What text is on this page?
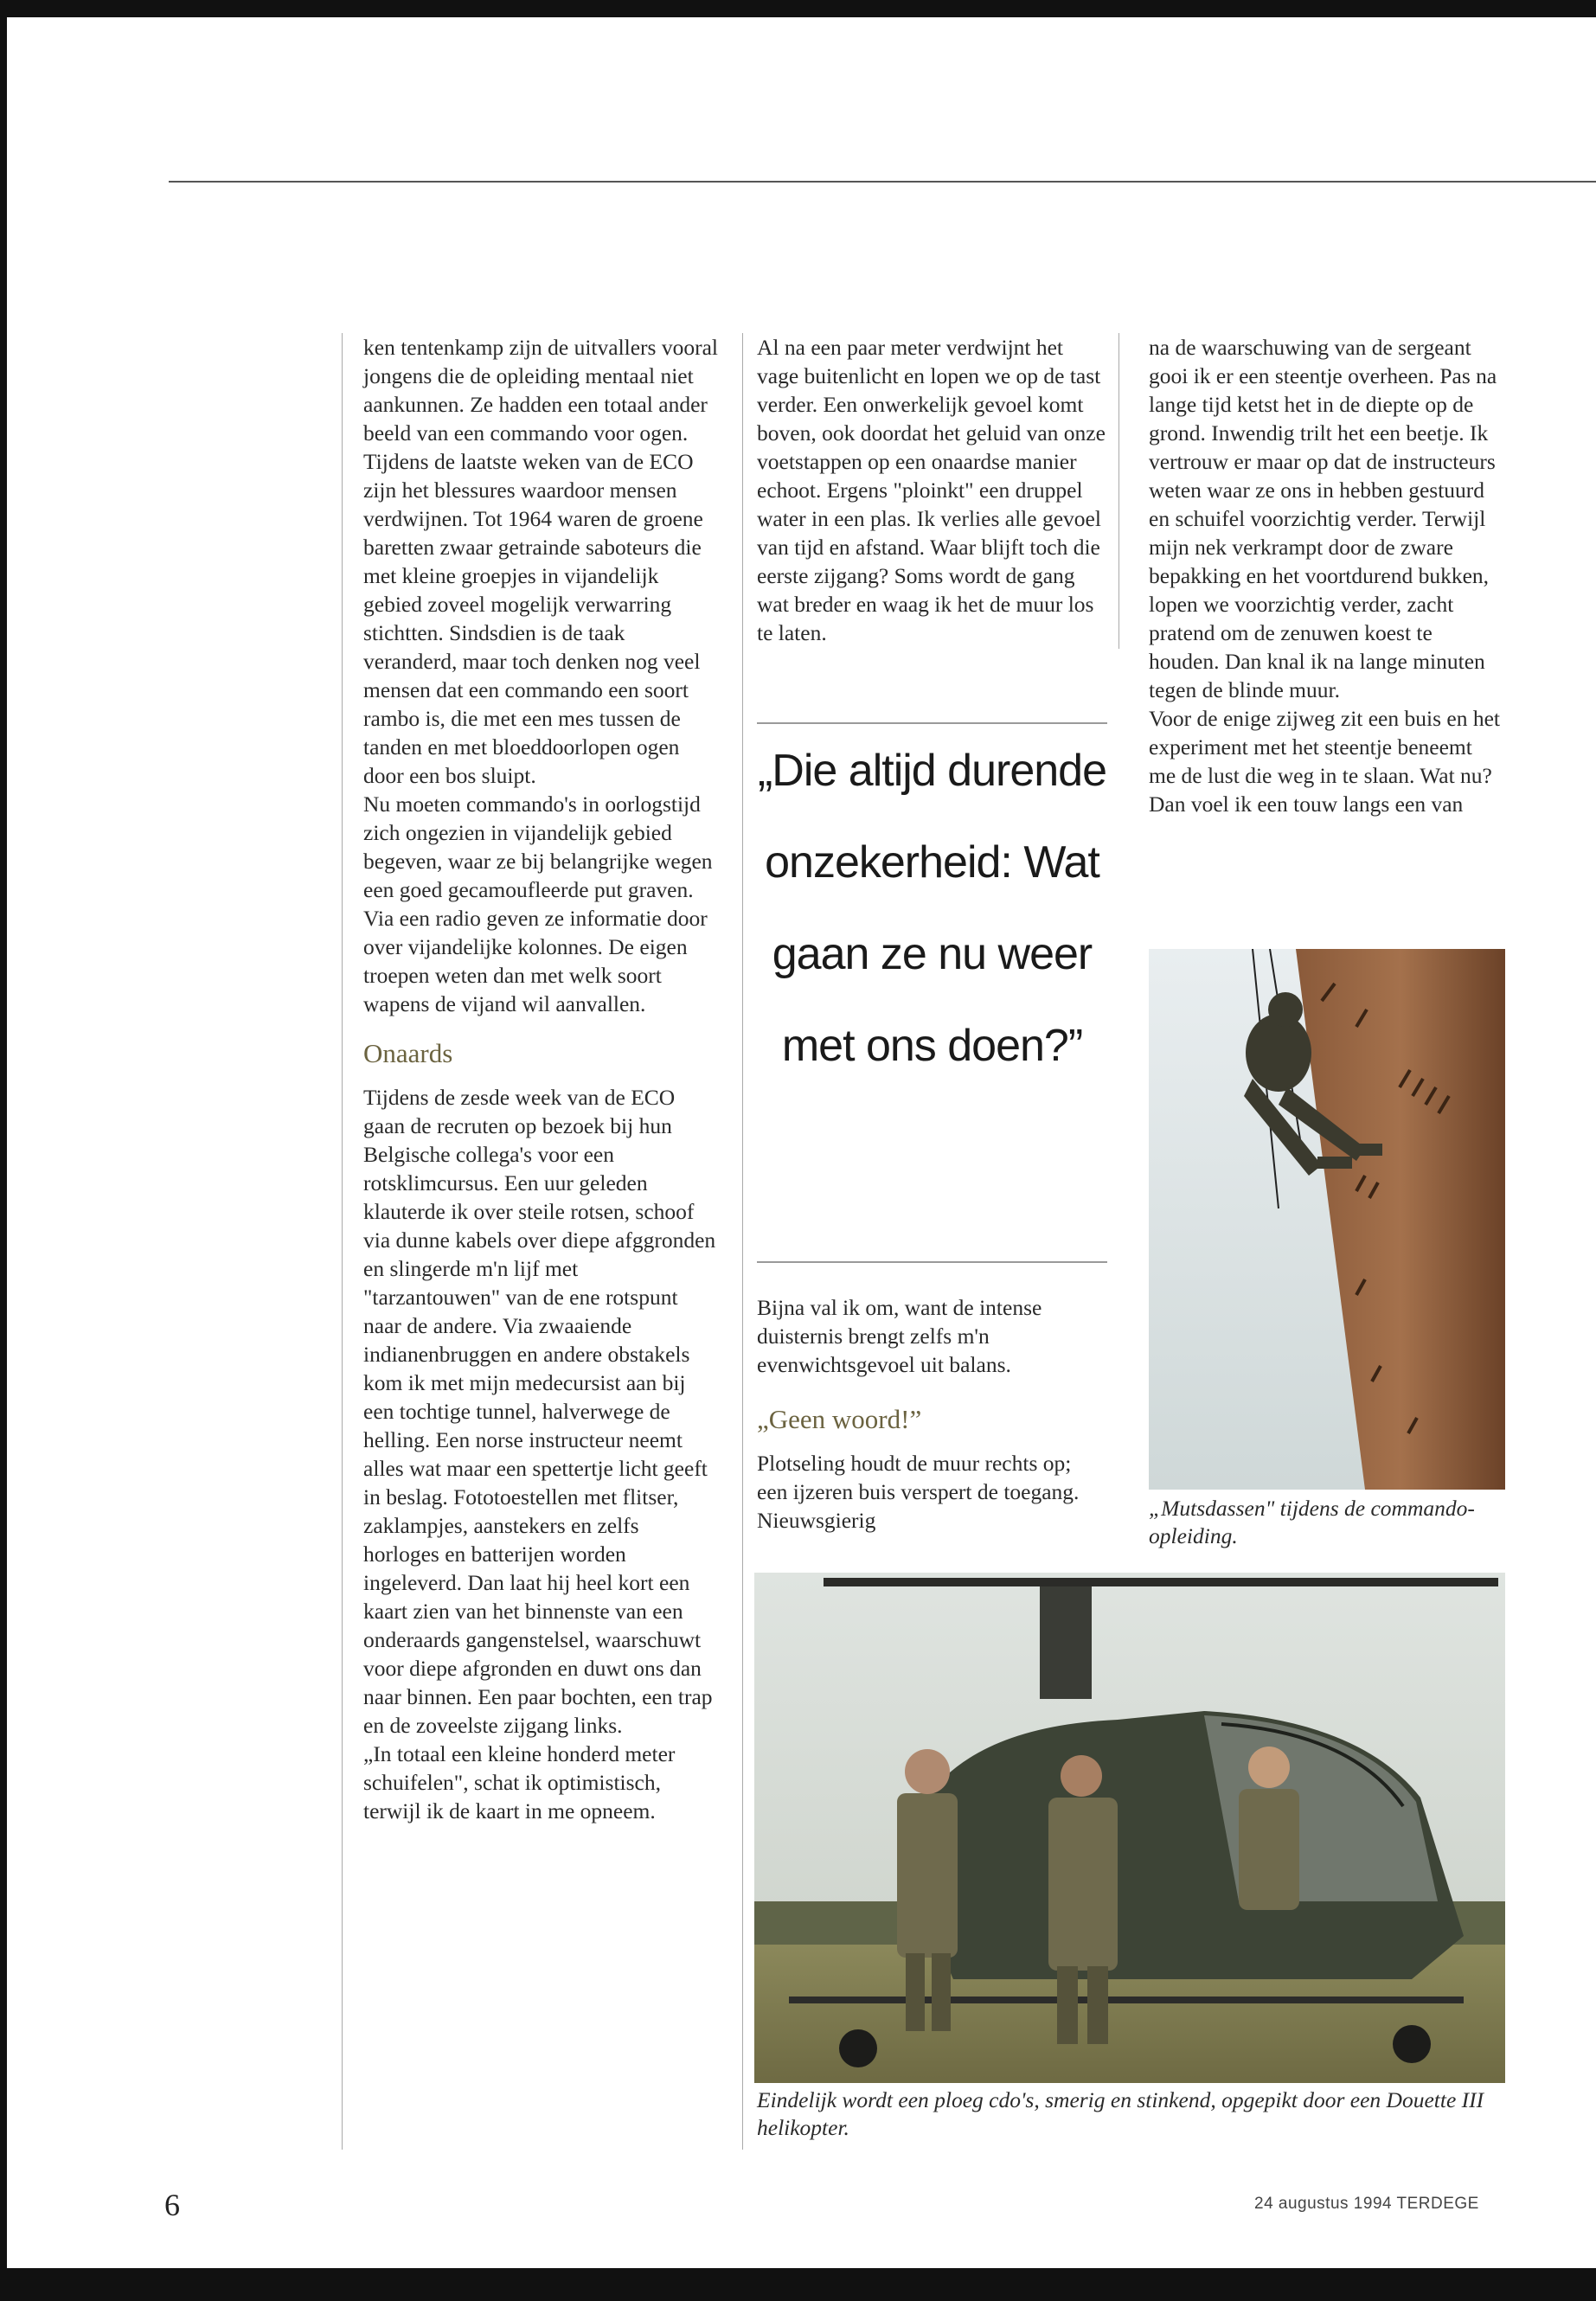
ken tentenkamp zijn de uitvallers vooral jongens die de opleiding mentaal niet aankunnen. Ze hadden een totaal ander beeld van een commando voor ogen. Tijdens de laatste weken van de ECO zijn het blessures waardoor mensen verdwijnen. Tot 1964 waren de groene baretten zwaar getrainde saboteurs die met kleine groepjes in vijandelijk gebied zoveel mogelijk verwarring stichtten. Sindsdien is de taak veranderd, maar toch denken nog veel mensen dat een commando een soort rambo is, die met een mes tussen de tanden en met bloeddoorlopen ogen door een bos sluipt.

Nu moeten commando's in oorlogstijd zich ongezien in vijandelijk gebied begeven, waar ze bij belangrijke wegen een goed gecamoufleerde put graven. Via een radio geven ze informatie door over vijandelijke kolonnes. De eigen troepen weten dan met welk soort wapens de vijand wil aanvallen.

Onaards

Tijdens de zesde week van de ECO gaan de recruten op bezoek bij hun Belgische collega's voor een rotsklimcursus. Een uur geleden klauterde ik over steile rotsen, schoof via dunne kabels over diepe afggronden en slingerde m'n lijf met "tarzantouwen" van de ene rotspunt naar de andere. Via zwaaiende indianenbruggen en andere obstakels kom ik met mijn medecursist aan bij een tochtige tunnel, halverwege de helling. Een norse instructeur neemt alles wat maar een spettertje licht geeft in beslag. Fototoestellen met flitser, zaklampjes, aanstekers en zelfs horloges en batterijen worden ingeleverd. Dan laat hij heel kort een kaart zien van het binnenste van een onderaards gangenstelsel, waarschuwt voor diepe afgronden en duwt ons dan naar binnen. Een paar bochten, een trap en de zoveelste zijgang links.

„In totaal een kleine honderd meter schuifelen", schat ik optimistisch, terwijl ik de kaart in me opneem.

Al na een paar meter verdwijnt het vage buitenlicht en lopen we op de tast verder. Een onwerkelijk gevoel komt boven, ook doordat het geluid van onze voetstappen op een onaardse manier echoot. Ergens "ploinkt" een druppel water in een plas. Ik verlies alle gevoel van tijd en afstand. Waar blijft toch die eerste zijgang? Soms wordt de gang wat breder en waag ik het de muur los te laten.

„Die altijd durende onzekerheid: Wat gaan ze nu weer met ons doen?”

Bijna val ik om, want de intense duisternis brengt zelfs m'n evenwichtsgevoel uit balans.

„Geen woord!”

Plotseling houdt de muur rechts op; een ijzeren buis verspert de toegang. Nieuwsgierig

na de waarschuwing van de sergeant gooi ik er een steentje overheen. Pas na lange tijd ketst het in de diepte op de grond. Inwendig trilt het een beetje. Ik vertrouw er maar op dat de instructeurs weten waar ze ons in hebben gestuurd en schuifel voorzichtig verder. Terwijl mijn nek verkrampt door de zware bepakking en het voortdurend bukken, lopen we voorzichtig verder, zacht pratend om de zenuwen koest te houden. Dan knal ik na lange minuten tegen de blinde muur.

Voor de enige zijweg zit een buis en het experiment met het steentje beneemt me de lust die weg in te slaan. Wat nu? Dan voel ik een touw langs een van

„Mutsdassen" tijdens de commando-opleiding.
Eindelijk wordt een ploeg cdo's, smerig en stinkend, opgepikt door een Douette III helikopter.
6	24 augustus 1994 TERDEGE
